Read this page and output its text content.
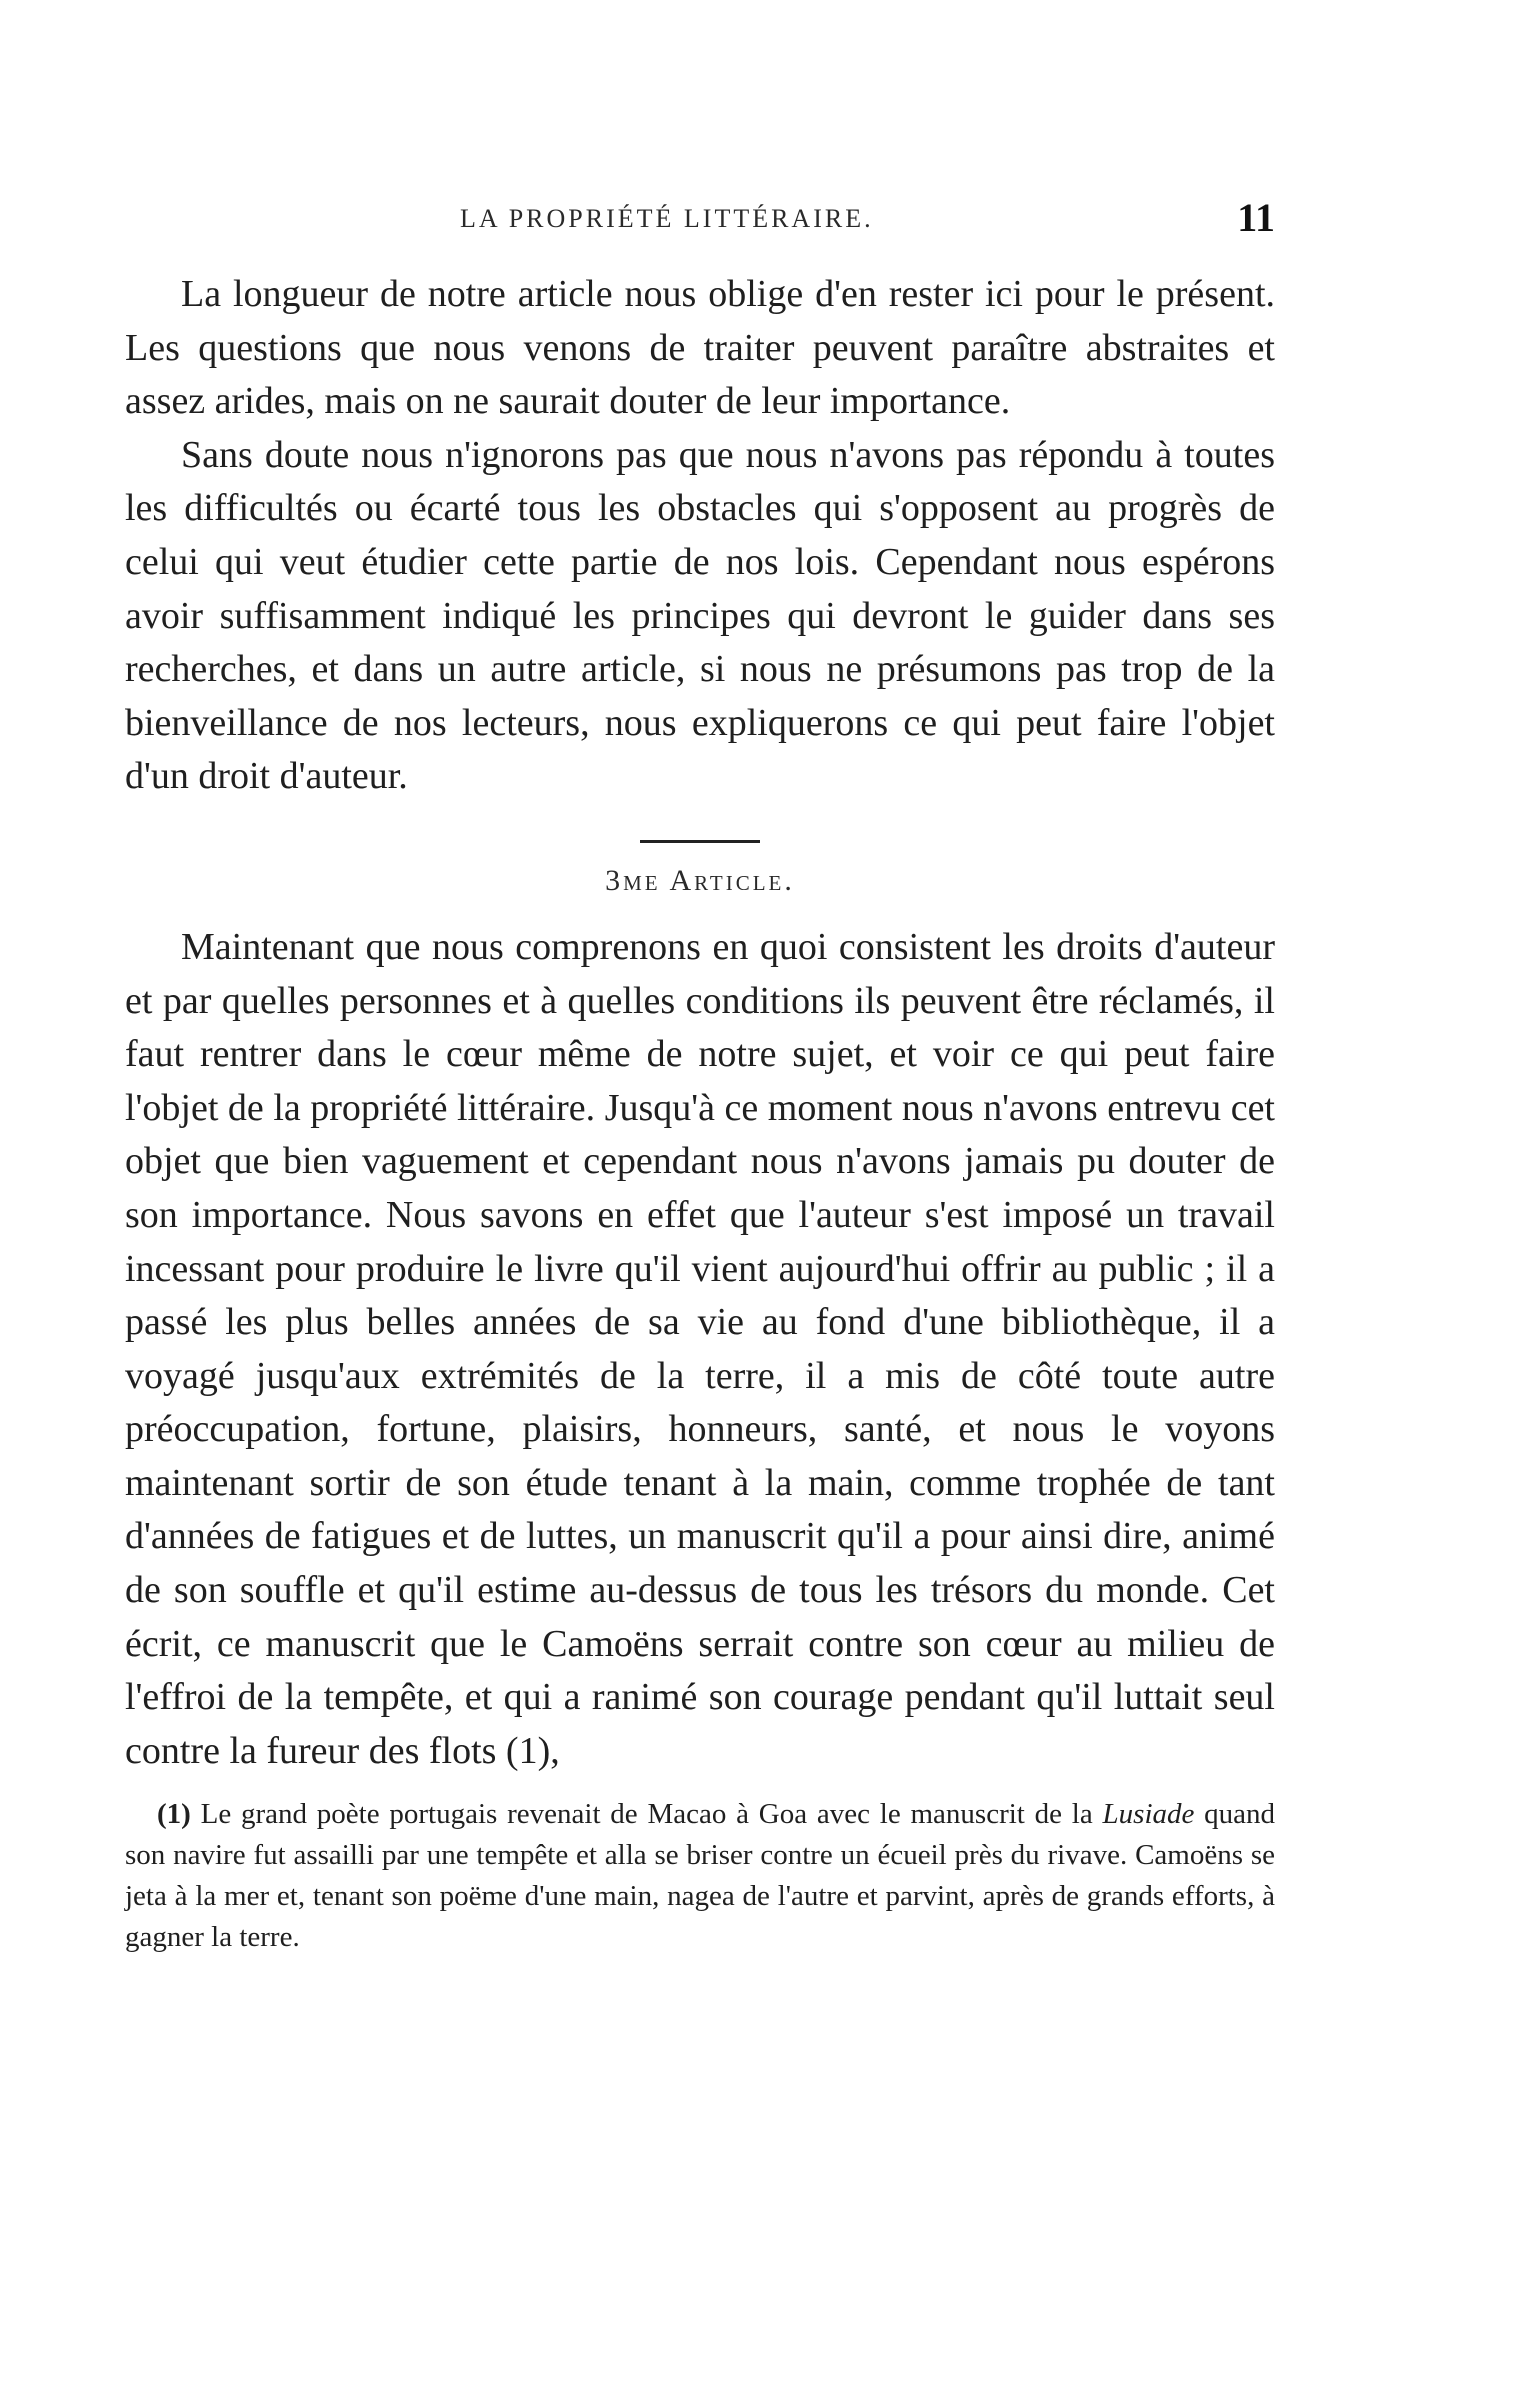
LA PROPRIÉTÉ LITTÉRAIRE.	11

La longueur de notre article nous oblige d'en rester ici pour le présent. Les questions que nous venons de traiter peuvent paraître abstraites et assez arides, mais on ne saurait douter de leur importance.

Sans doute nous n'ignorons pas que nous n'avons pas répondu à toutes les difficultés ou écarté tous les obstacles qui s'opposent au progrès de celui qui veut étudier cette partie de nos lois. Cependant nous espérons avoir suffisamment indiqué les principes qui devront le guider dans ses recherches, et dans un autre article, si nous ne présumons pas trop de la bienveillance de nos lecteurs, nous expliquerons ce qui peut faire l'objet d'un droit d'auteur.

3me Article.

Maintenant que nous comprenons en quoi consistent les droits d'auteur et par quelles personnes et à quelles conditions ils peuvent être réclamés, il faut rentrer dans le cœur même de notre sujet, et voir ce qui peut faire l'objet de la propriété littéraire. Jusqu'à ce moment nous n'avons entrevu cet objet que bien vaguement et cependant nous n'avons jamais pu douter de son importance. Nous savons en effet que l'auteur s'est imposé un travail incessant pour produire le livre qu'il vient aujourd'hui offrir au public ; il a passé les plus belles années de sa vie au fond d'une bibliothèque, il a voyagé jusqu'aux extrémités de la terre, il a mis de côté toute autre préoccupation, fortune, plaisirs, honneurs, santé, et nous le voyons maintenant sortir de son étude tenant à la main, comme trophée de tant d'années de fatigues et de luttes, un manuscrit qu'il a pour ainsi dire, animé de son souffle et qu'il estime au-dessus de tous les trésors du monde. Cet écrit, ce manuscrit que le Camoëns serrait contre son cœur au milieu de l'effroi de la tempête, et qui a ranimé son courage pendant qu'il luttait seul contre la fureur des flots (1),

(1) Le grand poète portugais revenait de Macao à Goa avec le manuscrit de la Lusiade quand son navire fut assailli par une tempête et alla se briser contre un écueil près du rivave. Camoëns se jeta à la mer et, tenant son poëme d'une main, nagea de l'autre et parvint, après de grands efforts, à gagner la terre.
